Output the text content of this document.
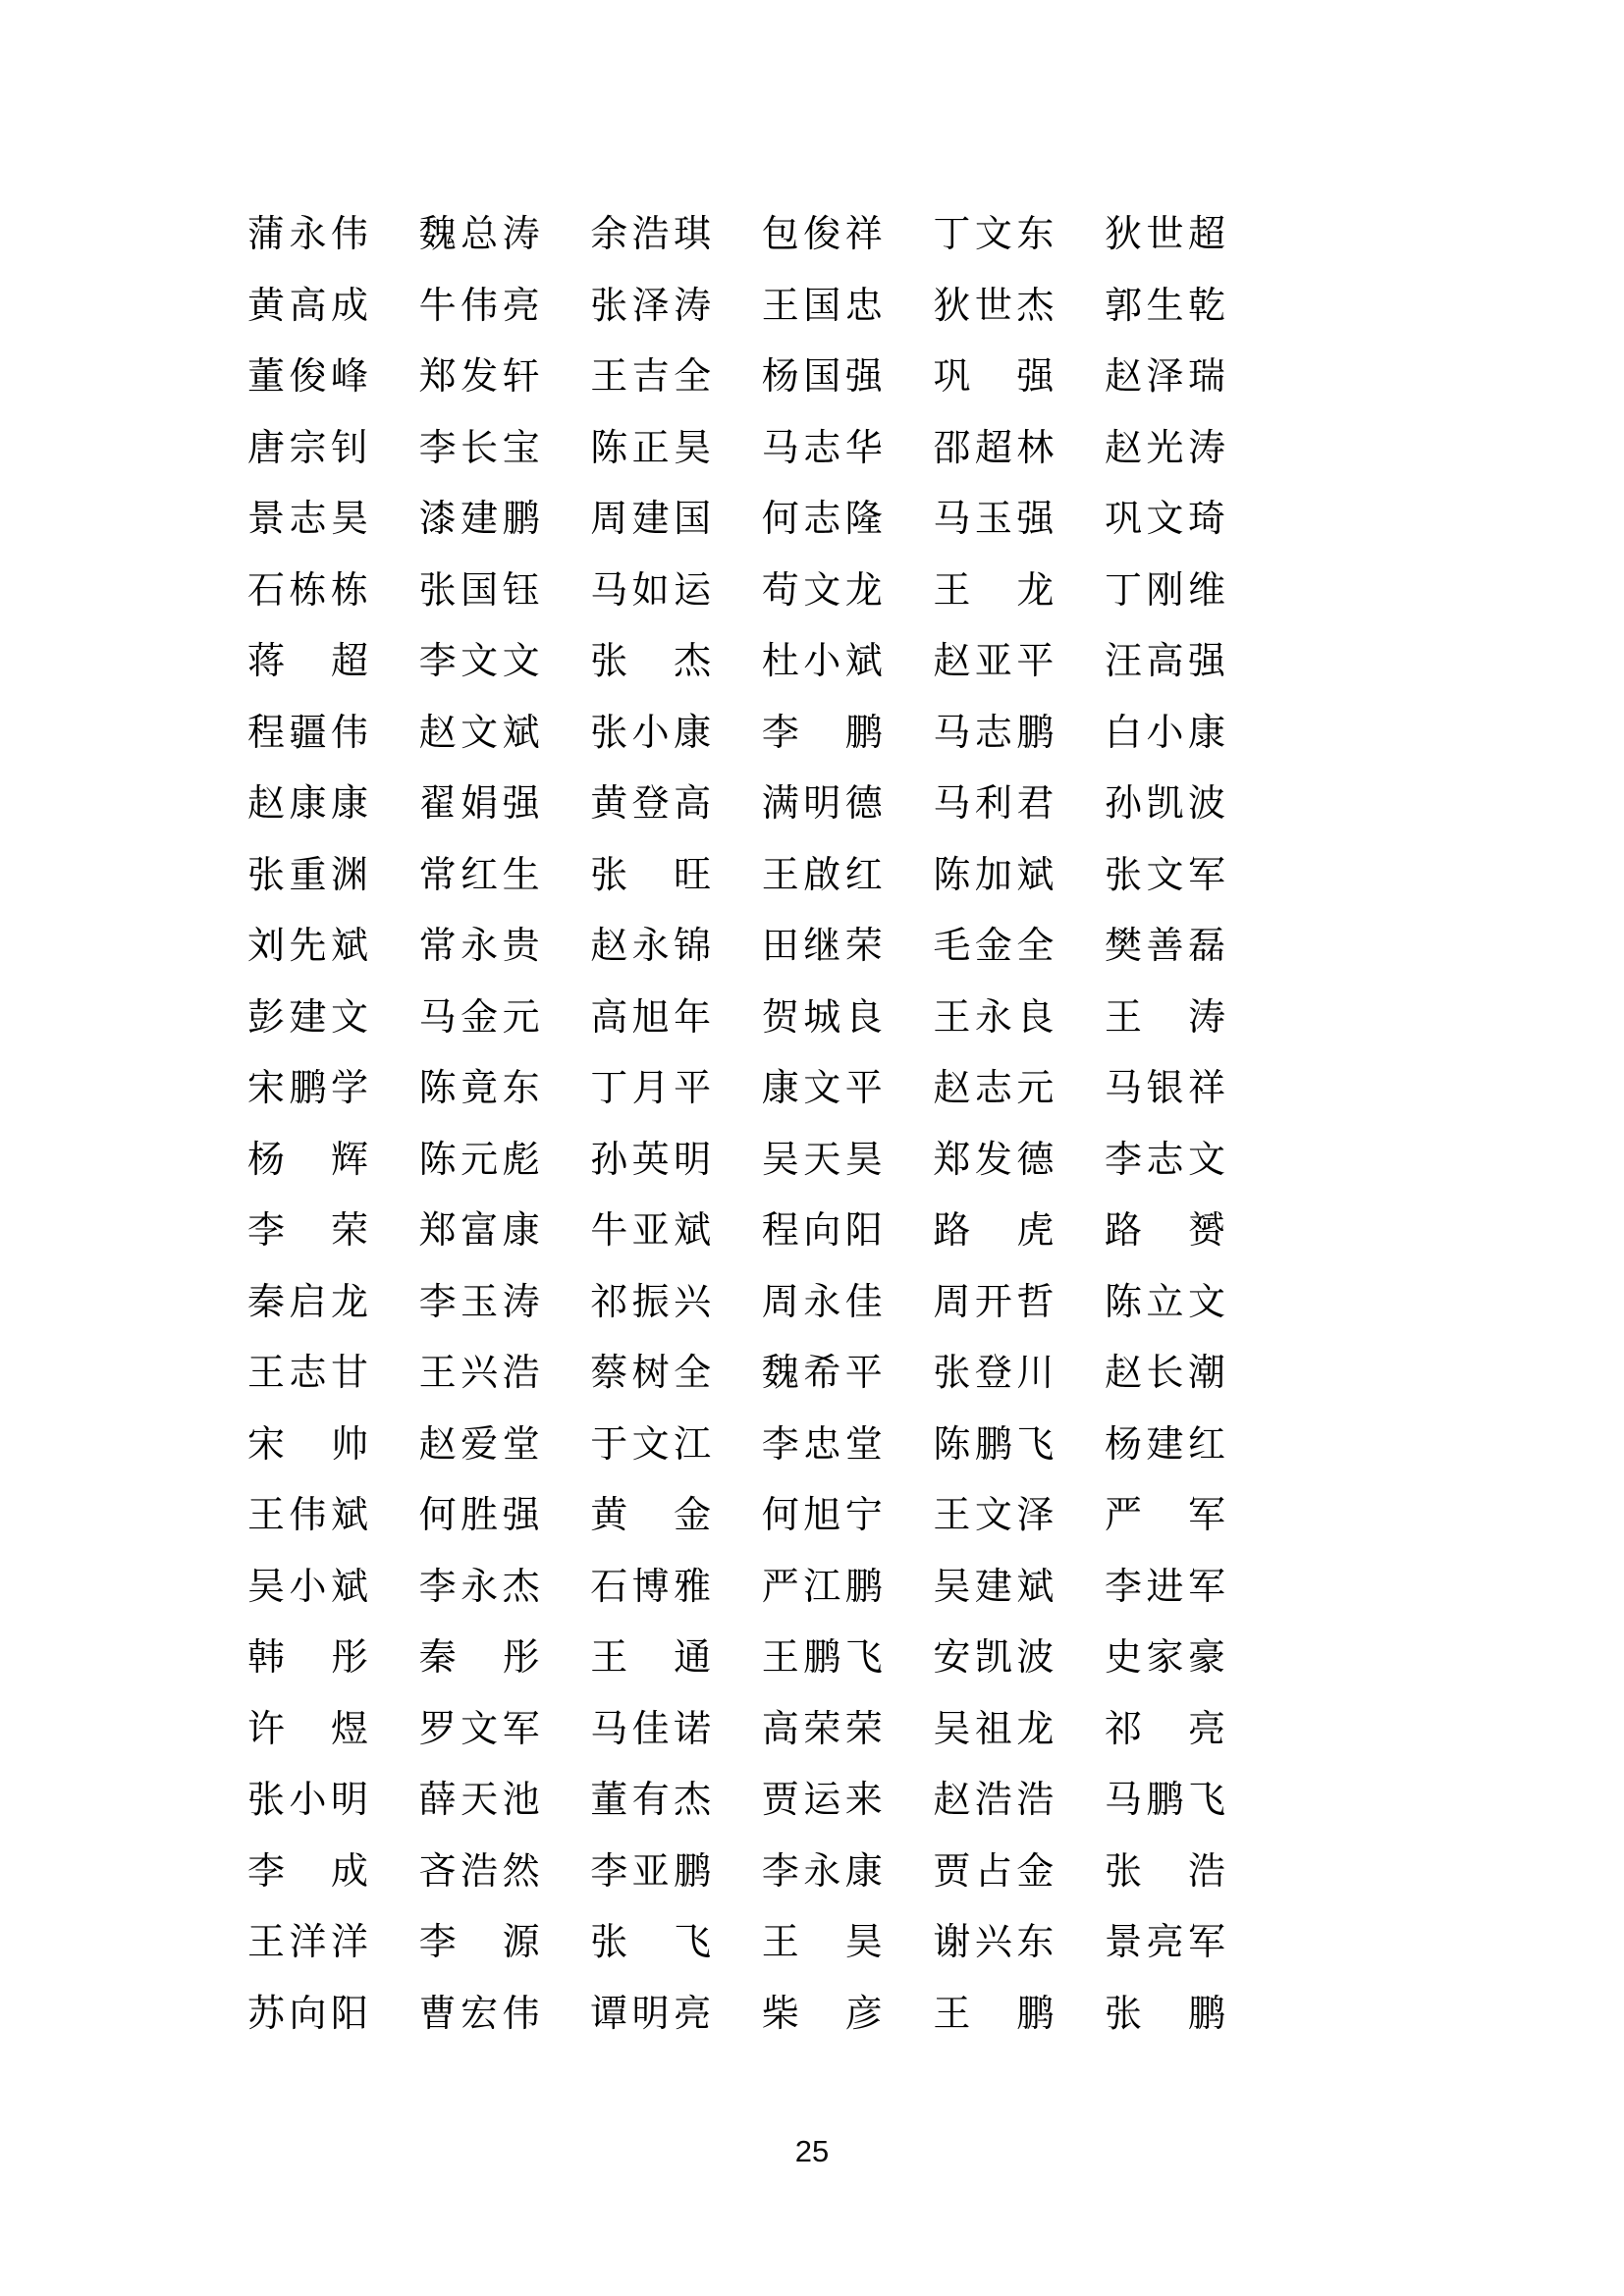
蒲 永 伟 魏 总 涛 余 浩 琪 包 俊 祥 丁 文 东 狄 世 超
黄 高 成 牛 伟 亮 张 泽 涛 王 国 忠 狄 世 杰 郭 生 乾
董 俊 峰 郑 发 轩 王 吉 全 杨 国 强 巩 强 赵 泽 瑞
唐 宗 钊 李 长 宝 陈 正 昊 马 志 华 邵 超 林 赵 光 涛
景 志 昊 漆 建 鹏 周 建 国 何 志 隆 马 玉 强 巩 文 琦
石 栋 栋 张 国 钰 马 如 运 苟 文 龙 王 龙 丁 刚 维
蒋 超 李 文 文 张 杰 杜 小 斌 赵 亚 平 汪 高 强
程 疆 伟 赵 文 斌 张 小 康 李 鹏 马 志 鹏 白 小 康
赵 康 康 翟 娟 强 黄 登 高 满 明 德 马 利 君 孙 凯 波
张 重 渊 常 红 生 张 旺 王 啟 红 陈 加 斌 张 文 军
刘 先 斌 常 永 贵 赵 永 锦 田 继 荣 毛 金 全 樊 善 磊
彭 建 文 马 金 元 高 旭 年 贺 城 良 王 永 良 王 涛
宋 鹏 学 陈 竟 东 丁 月 平 康 文 平 赵 志 元 马 银 祥
杨 辉 陈 元 彪 孙 英 明 吴 天 昊 郑 发 德 李 志 文
李 荣 郑 富 康 牛 亚 斌 程 向 阳 路 虎 路 赟
秦 启 龙 李 玉 涛 祁 振 兴 周 永 佳 周 开 哲 陈 立 文
王 志 甘 王 兴 浩 蔡 树 全 魏 希 平 张 登 川 赵 长 潮
宋 帅 赵 爱 堂 于 文 江 李 忠 堂 陈 鹏 飞 杨 建 红
王 伟 斌 何 胜 强 黄 金 何 旭 宁 王 文 泽 严 军
吴 小 斌 李 永 杰 石 博 雅 严 江 鹏 吴 建 斌 李 进 军
韩 彤 秦 彤 王 通 王 鹏 飞 安 凯 波 史 家 豪
许 煜 罗 文 军 马 佳 诺 高 荣 荣 吴 祖 龙 祁 亮
张 小 明 薛 天 池 董 有 杰 贾 运 来 赵 浩 浩 马 鹏 飞
李 成 吝 浩 然 李 亚 鹏 李 永 康 贾 占 金 张 浩
王 洋 洋 李 源 张 飞 王 昊 谢 兴 东 景 亮 军
苏 向 阳 曹 宏 伟 谭 明 亮 柴 彦 王 鹏 张 鹏
25
